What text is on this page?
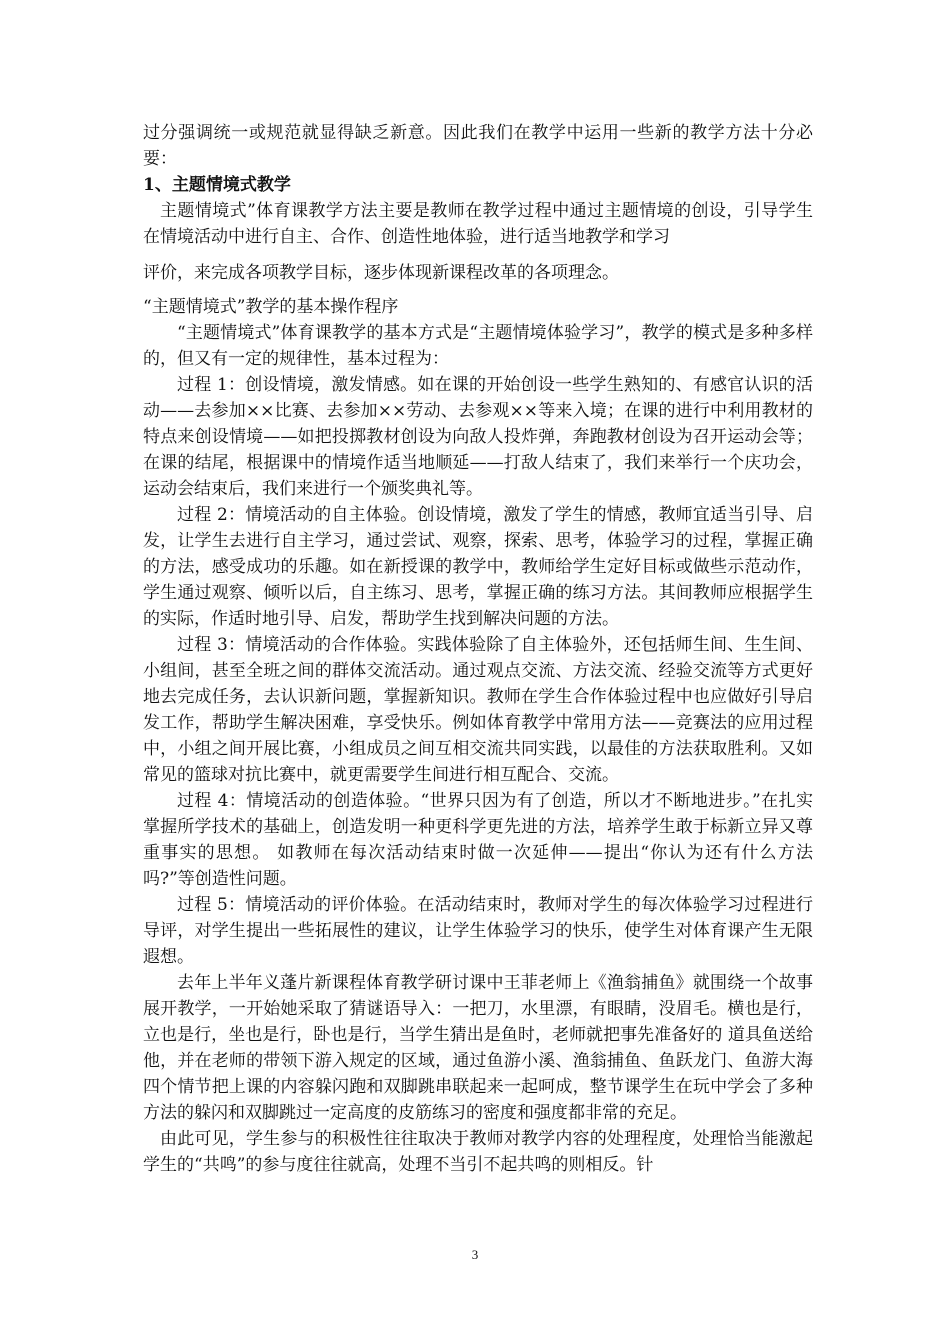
过分强调统一或规范就显得缺乏新意。因此我们在教学中运用一些新的教学方法十分必要：

1、主题情境式教学

主题情境式”体育课教学方法主要是教师在教学过程中通过主题情境的创设，引导学生在情境活动中进行自主、合作、创造性地体验，进行适当地教学和学习

评价，来完成各项教学目标，逐步体现新课程改革的各项理念。

“主题情境式”教学的基本操作程序

“主题情境式”体育课教学的基本方式是“主题情境体验学习”，教学的模式是多种多样的，但又有一定的规律性，基本过程为：

过程 1：创设情境，激发情感。如在课的开始创设一些学生熟知的、有感官认识的活动——去参加××比赛、去参加××劳动、去参观××等来入境；在课的进行中利用教材的特点来创设情境——如把投掷教材创设为向敌人投炸弹，奔跑教材创设为召开运动会等；在课的结尾，根据课中的情境作适当地顺延——打敌人结束了，我们来举行一个庆功会，运动会结束后，我们来进行一个颁奖典礼等。

过程 2：情境活动的自主体验。创设情境，激发了学生的情感，教师宜适当引导、启发，让学生去进行自主学习，通过尝试、观察，探索、思考，体验学习的过程，掌握正确的方法，感受成功的乐趣。如在新授课的教学中，教师给学生定好目标或做些示范动作，学生通过观察、倾听以后，自主练习、思考，掌握正确的练习方法。其间教师应根据学生的实际，作适时地引导、启发，帮助学生找到解决问题的方法。

过程 3：情境活动的合作体验。实践体验除了自主体验外，还包括师生间、生生间、小组间，甚至全班之间的群体交流活动。通过观点交流、方法交流、经验交流等方式更好地去完成任务，去认识新问题，掌握新知识。教师在学生合作体验过程中也应做好引导启发工作，帮助学生解决困难，享受快乐。例如体育教学中常用方法——竞赛法的应用过程中，小组之间开展比赛，小组成员之间互相交流共同实践，以最佳的方法获取胜利。又如常见的篮球对抗比赛中，就更需要学生间进行相互配合、交流。

过程 4：情境活动的创造体验。“世界只因为有了创造，所以才不断地进步。”在扎实掌握所学技术的基础上，创造发明一种更科学更先进的方法，培养学生敢于标新立异又尊重事实的思想。 如教师在每次活动结束时做一次延伸——提出“你认为还有什么方法吗?”等创造性问题。

过程 5：情境活动的评价体验。在活动结束时，教师对学生的每次体验学习过程进行导评，对学生提出一些拓展性的建议，让学生体验学习的快乐，使学生对体育课产生无限遐想。

去年上半年义蓬片新课程体育教学研讨课中王菲老师上《渔翁捕鱼》就围绕一个故事展开教学，一开始她采取了猜谜语导入：一把刀，水里漂，有眼睛，没眉毛。横也是行，立也是行，坐也是行，卧也是行，当学生猜出是鱼时，老师就把事先准备好的 道具鱼送给他，并在老师的带领下游入规定的区域，通过鱼游小溪、渔翁捕鱼、鱼跃龙门、鱼游大海四个情节把上课的内容躲闪跑和双脚跳串联起来一起呵成，整节课学生在玩中学会了多种方法的躲闪和双脚跳过一定高度的皮筋练习的密度和强度都非常的充足。

由此可见，学生参与的积极性往往取决于教师对教学内容的处理程度，处理恰当能激起学生的“共鸣”的参与度往往就高，处理不当引不起共鸣的则相反。针

3
